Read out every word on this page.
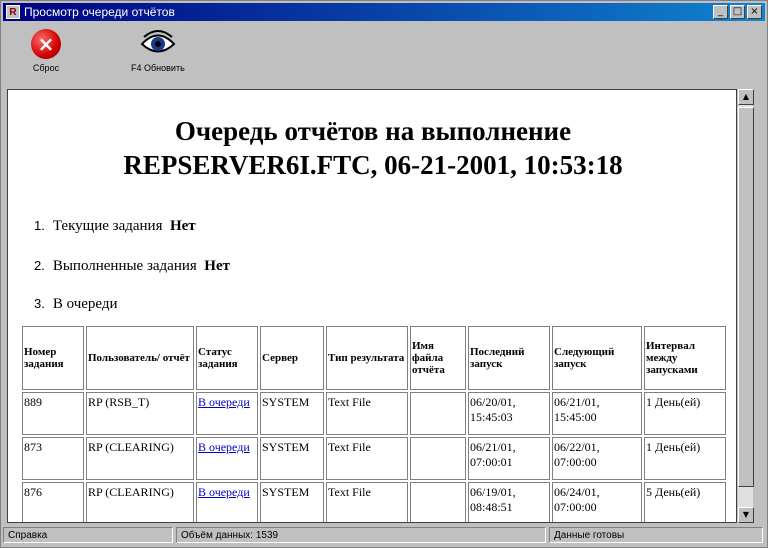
R Просмотр очереди отчётов	_ □ ×
×
Сброс	F4 Обновить
Очередь отчётов на выполнение
REPSERVER6I.FTC, 06-21-2001, 10:53:18
1. Текущие задания Нет
2. Выполненные задания Нет
3. В очереди
Номер задания	Пользователь/ отчёт	Статус задания	Сервер	Тип результата	Имя файла отчёта	Последний запуск	Следующий запуск	Интервал между запусками
889	RP (RSB_T)	В очереди	SYSTEM	Text File		06/20/01, 15:45:03	06/21/01, 15:45:00	1 День(ей)
873	RP (CLEARING)	В очереди	SYSTEM	Text File		06/21/01, 07:00:01	06/22/01, 07:00:00	1 День(ей)
876	RP (CLEARING)	В очереди	SYSTEM	Text File		06/19/01, 08:48:51	06/24/01, 07:00:00	5 День(ей)
▲
▼
Справка	Объём данных: 1539	Данные готовы
